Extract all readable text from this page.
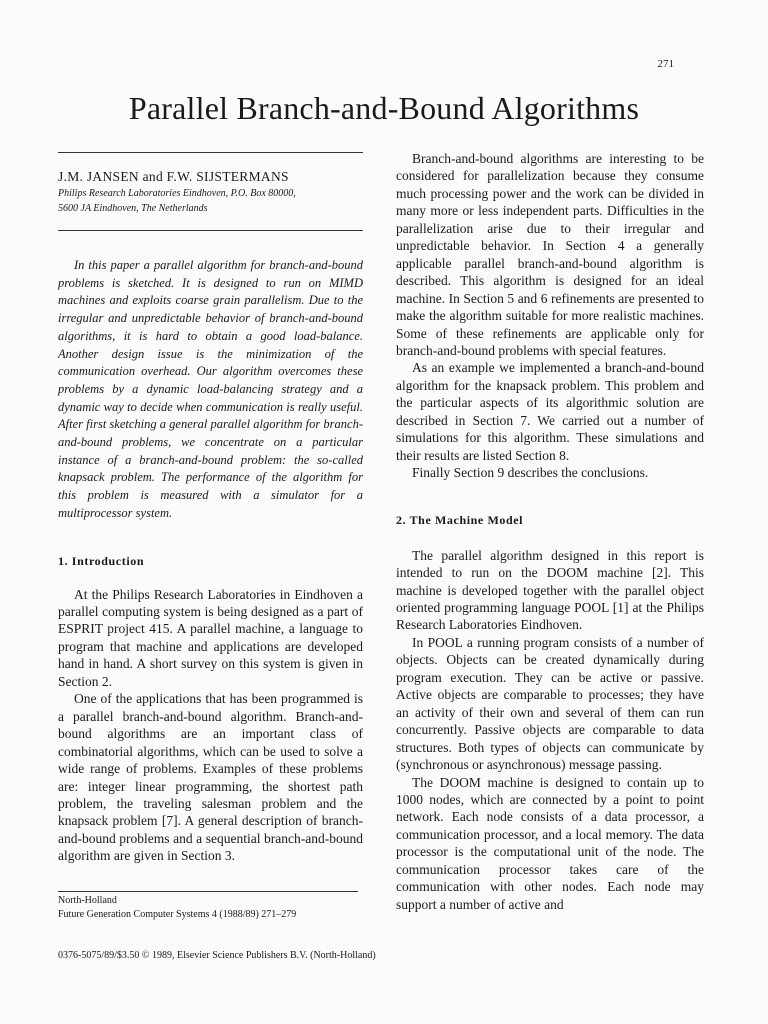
271
Parallel Branch-and-Bound Algorithms
J.M. JANSEN and F.W. SIJSTERMANS
Philips Research Laboratories Eindhoven, P.O. Box 80000,
5600 JA Eindhoven, The Netherlands

In this paper a parallel algorithm for branch-and-bound problems is sketched. It is designed to run on MIMD machines and exploits coarse grain parallelism. Due to the irregular and unpredictable behavior of branch-and-bound algorithms, it is hard to obtain a good load-balance. Another design issue is the minimization of the communication overhead. Our algorithm overcomes these problems by a dynamic load-balancing strategy and a dynamic way to decide when communication is really useful. After first sketching a general parallel algorithm for branch-and-bound problems, we concentrate on a particular instance of a branch-and-bound problem: the so-called knapsack problem. The performance of the algorithm for this problem is measured with a simulator for a multiprocessor system.

1. Introduction

At the Philips Research Laboratories in Eindhoven a parallel computing system is being designed as a part of ESPRIT project 415. A parallel machine, a language to program that machine and applications are developed hand in hand. A short survey on this system is given in Section 2.

One of the applications that has been programmed is a parallel branch-and-bound algorithm. Branch-and-bound algorithms are an important class of combinatorial algorithms, which can be used to solve a wide range of problems. Examples of these problems are: integer linear programming, the shortest path problem, the traveling salesman problem and the knapsack problem [7]. A general description of branch-and-bound problems and a sequential branch-and-bound algorithm are given in Section 3.

North-Holland
Future Generation Computer Systems 4 (1988/89) 271–279

Branch-and-bound algorithms are interesting to be considered for parallelization because they consume much processing power and the work can be divided in many more or less independent parts. Difficulties in the parallelization arise due to their irregular and unpredictable behavior. In Section 4 a generally applicable parallel branch-and-bound algorithm is described. This algorithm is designed for an ideal machine. In Section 5 and 6 refinements are presented to make the algorithm suitable for more realistic machines. Some of these refinements are applicable only for branch-and-bound problems with special features.

As an example we implemented a branch-and-bound algorithm for the knapsack problem. This problem and the particular aspects of its algorithmic solution are described in Section 7. We carried out a number of simulations for this algorithm. These simulations and their results are listed Section 8.

Finally Section 9 describes the conclusions.

2. The Machine Model

The parallel algorithm designed in this report is intended to run on the DOOM machine [2]. This machine is developed together with the parallel object oriented programming language POOL [1] at the Philips Research Laboratories Eindhoven.

In POOL a running program consists of a number of objects. Objects can be created dynamically during program execution. They can be active or passive. Active objects are comparable to processes; they have an activity of their own and several of them can run concurrently. Passive objects are comparable to data structures. Both types of objects can communicate by (synchronous or asynchronous) message passing.

The DOOM machine is designed to contain up to 1000 nodes, which are connected by a point to point network. Each node consists of a data processor, a communication processor, and a local memory. The data processor is the computational unit of the node. The communication processor takes care of the communication with other nodes. Each node may support a number of active and

0376-5075/89/$3.50 © 1989, Elsevier Science Publishers B.V. (North-Holland)
